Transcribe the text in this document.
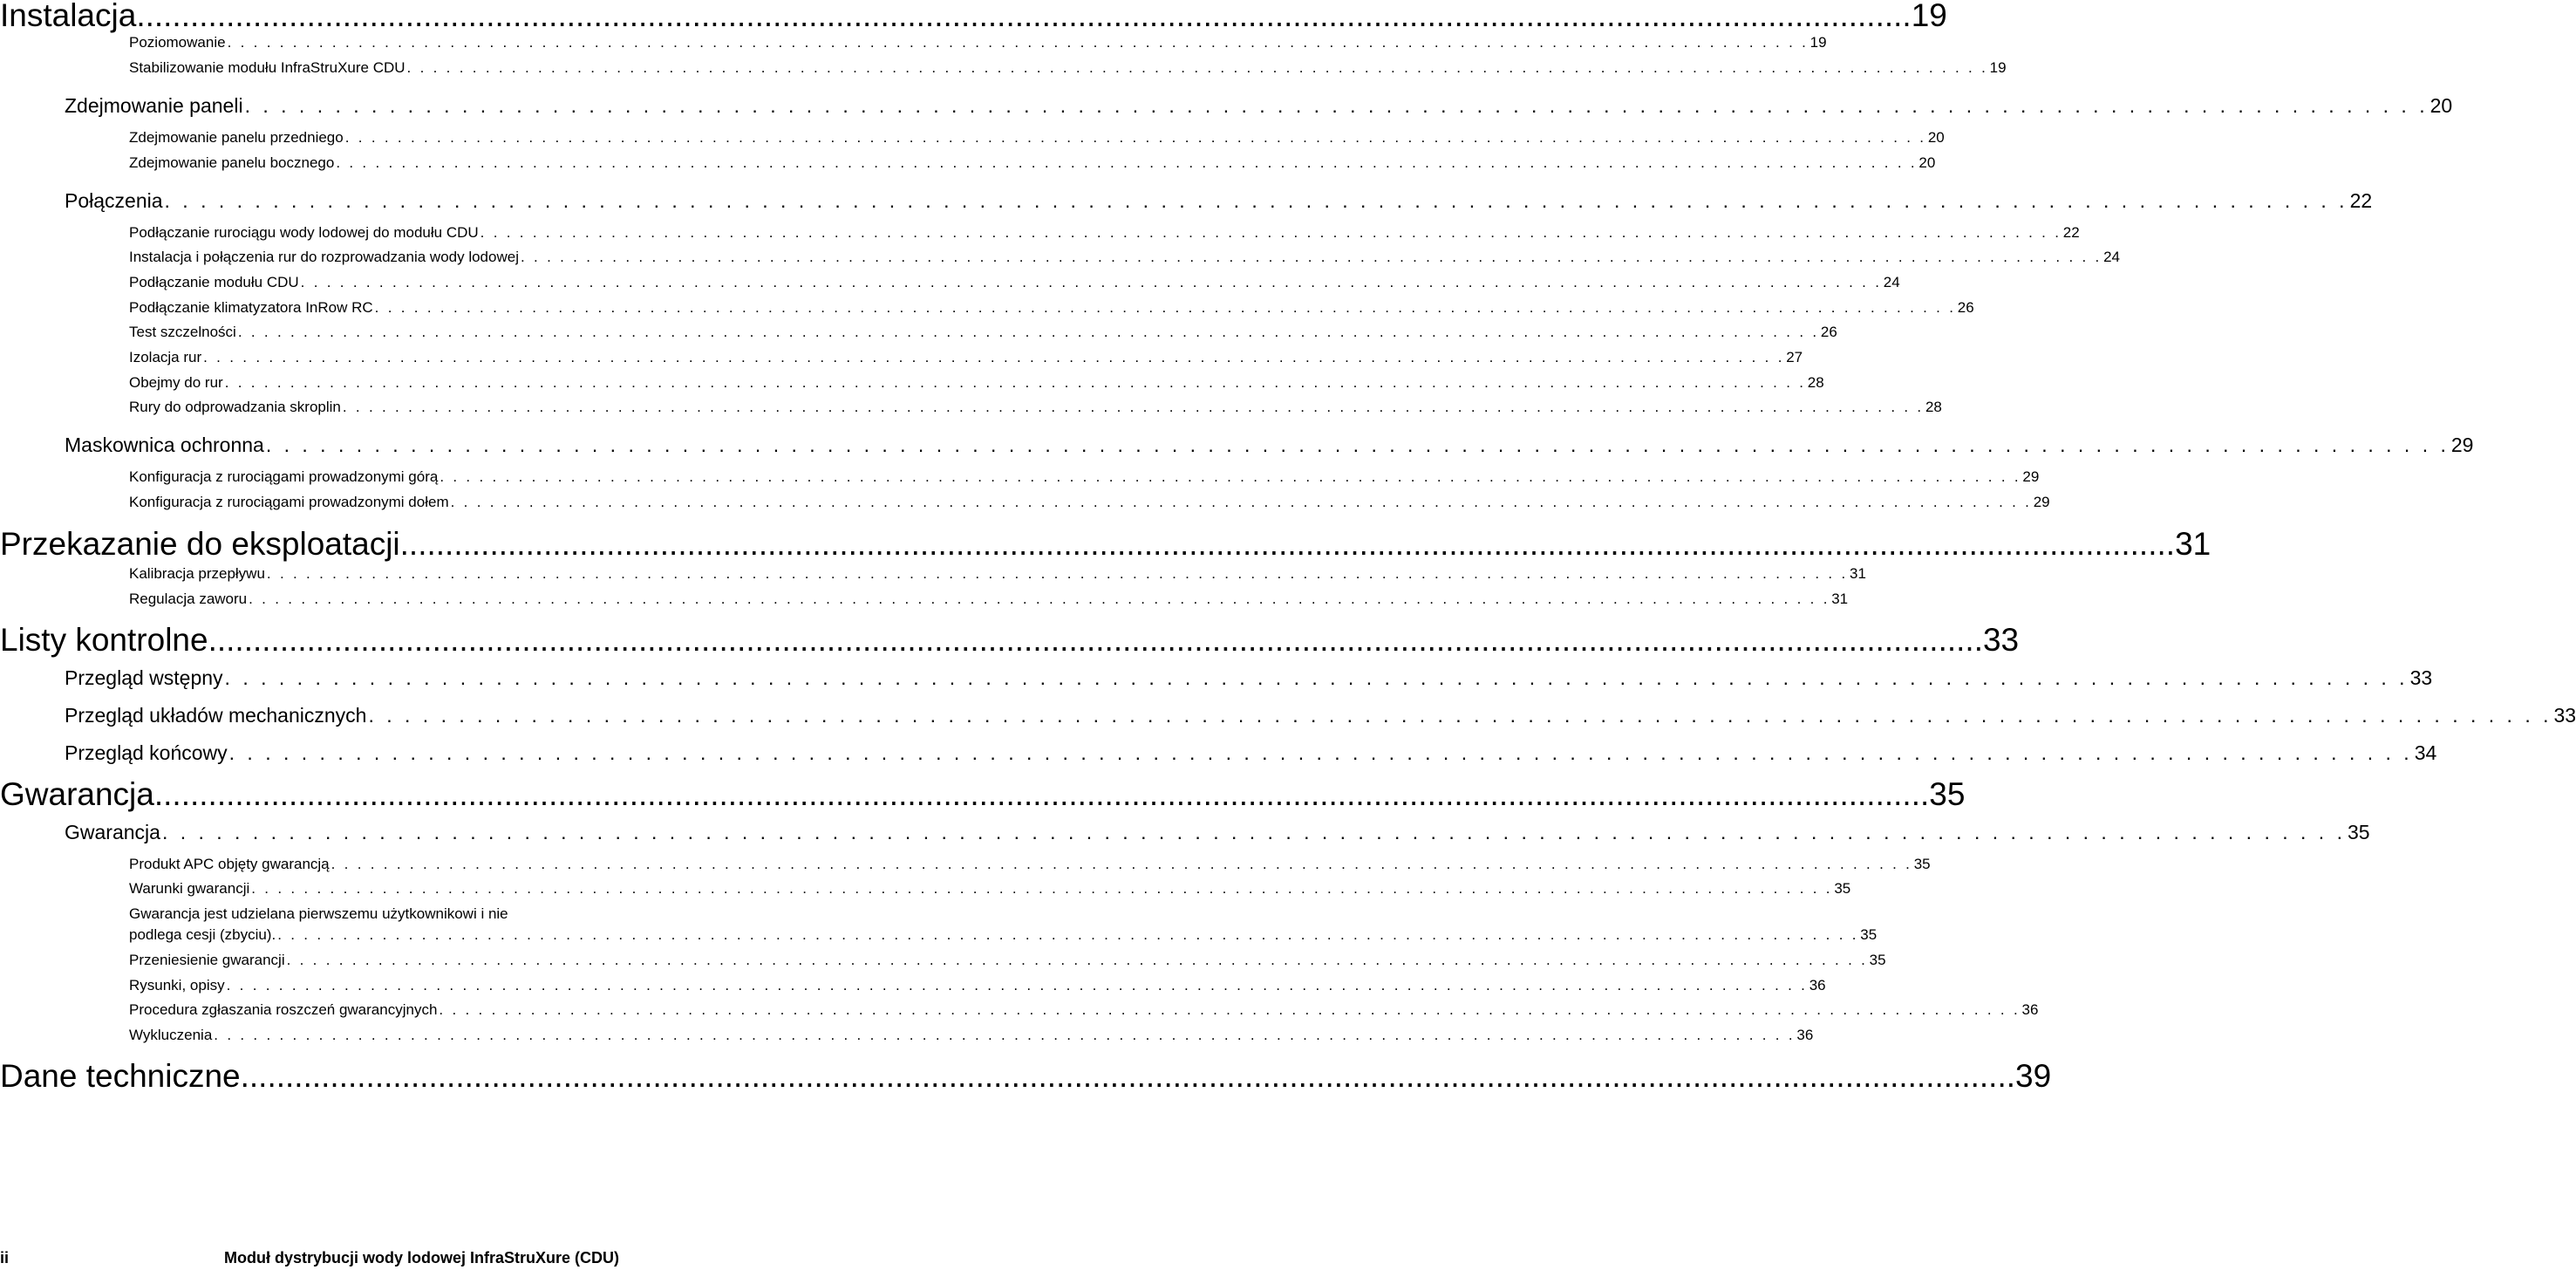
Instalacja ...................................................................................................................................................................................................... 19
Poziomowanie . . . . . . . . . . . . . . . . . . . . . . . . . . . . . . . . . . . . . . . . . . . . . . . . . . . . . . . . . . . . . . . . . . . . . . . . . . . . . . . . . . . . . . . . . . . . . . . . . . . . . . . . . . . . . . . . . . . . . . . . . 19
Stabilizowanie modułu InfraStruXure CDU . . . . . . . . . . . . . . . . . . . . . . . . . . . . . . . . . . . . . . . . . . . . . . . . . . . . . . . . . . . . . . . . . . . . . . . . . . . . . . . . . . . . . . . . . . . . . . . . . . . . . . . . . . . . . . . . . . . . . . . . . 19
Zdejmowanie paneli . . . . . . . . . . . . . . . . . . . . . . . . . . . . . . . . . . . . . . . . . . . . . . . . . . . . . . . . . . . . . . . . . . . . . . . . . . . . . . . . . . . . . . . . . . . . . . . . . . . . . . . . . . . . . . . . . . . . . . . . . 20
Zdejmowanie panelu przedniego . . . . . . . . . . . . . . . . . . . . . . . . . . . . . . . . . . . . . . . . . . . . . . . . . . . . . . . . . . . . . . . . . . . . . . . . . . . . . . . . . . . . . . . . . . . . . . . . . . . . . . . . . . . . . . . . . . . . . . . . . 20
Zdejmowanie panelu bocznego . . . . . . . . . . . . . . . . . . . . . . . . . . . . . . . . . . . . . . . . . . . . . . . . . . . . . . . . . . . . . . . . . . . . . . . . . . . . . . . . . . . . . . . . . . . . . . . . . . . . . . . . . . . . . . . . . . . . . . . . . 20
Połączenia . . . . . . . . . . . . . . . . . . . . . . . . . . . . . . . . . . . . . . . . . . . . . . . . . . . . . . . . . . . . . . . . . . . . . . . . . . . . . . . . . . . . . . . . . . . . . . . . . . . . . . . . . . . . . . . . . . . . . . . . . 22
Podłączanie rurociągu wody lodowej do modułu CDU . . . . . . . . . . . . . . . . . . . . . . . . . . . . . . . . . . . . . . . . . . . . . . . . . . . . . . . . . . . . . . . . . . . . . . . . . . . . . . . . . . . . . . . . . . . . . . . . . . . . . . . . . . . . . . . . . . . . . . . . . 22
Instalacja i połączenia rur do rozprowadzania wody lodowej . . . . . . . . . . . . . . . . . . . . . . . . . . . . . . . . . . . . . . . . . . . . . . . . . . . . . . . . . . . . . . . . . . . . . . . . . . . . . . . . . . . . . . . . . . . . . . . . . . . . . . . . . . . . . . . . . . . . . . . . . 24
Podłączanie modułu CDU . . . . . . . . . . . . . . . . . . . . . . . . . . . . . . . . . . . . . . . . . . . . . . . . . . . . . . . . . . . . . . . . . . . . . . . . . . . . . . . . . . . . . . . . . . . . . . . . . . . . . . . . . . . . . . . . . . . . . . . . . 24
Podłączanie klimatyzatora InRow RC . . . . . . . . . . . . . . . . . . . . . . . . . . . . . . . . . . . . . . . . . . . . . . . . . . . . . . . . . . . . . . . . . . . . . . . . . . . . . . . . . . . . . . . . . . . . . . . . . . . . . . . . . . . . . . . . . . . . . . . . . 26
Test szczelności . . . . . . . . . . . . . . . . . . . . . . . . . . . . . . . . . . . . . . . . . . . . . . . . . . . . . . . . . . . . . . . . . . . . . . . . . . . . . . . . . . . . . . . . . . . . . . . . . . . . . . . . . . . . . . . . . . . . . . . . . 26
Izolacja rur . . . . . . . . . . . . . . . . . . . . . . . . . . . . . . . . . . . . . . . . . . . . . . . . . . . . . . . . . . . . . . . . . . . . . . . . . . . . . . . . . . . . . . . . . . . . . . . . . . . . . . . . . . . . . . . . . . . . . . . . . 27
Obejmy do rur . . . . . . . . . . . . . . . . . . . . . . . . . . . . . . . . . . . . . . . . . . . . . . . . . . . . . . . . . . . . . . . . . . . . . . . . . . . . . . . . . . . . . . . . . . . . . . . . . . . . . . . . . . . . . . . . . . . . . . . . . 28
Rury do odprowadzania skroplin . . . . . . . . . . . . . . . . . . . . . . . . . . . . . . . . . . . . . . . . . . . . . . . . . . . . . . . . . . . . . . . . . . . . . . . . . . . . . . . . . . . . . . . . . . . . . . . . . . . . . . . . . . . . . . . . . . . . . . . . . 28
Maskownica ochronna . . . . . . . . . . . . . . . . . . . . . . . . . . . . . . . . . . . . . . . . . . . . . . . . . . . . . . . . . . . . . . . . . . . . . . . . . . . . . . . . . . . . . . . . . . . . . . . . . . . . . . . . . . . . . . . . . . . . . . . . . 29
Konfiguracja z rurociągami prowadzonymi górą . . . . . . . . . . . . . . . . . . . . . . . . . . . . . . . . . . . . . . . . . . . . . . . . . . . . . . . . . . . . . . . . . . . . . . . . . . . . . . . . . . . . . . . . . . . . . . . . . . . . . . . . . . . . . . . . . . . . . . . . . 29
Konfiguracja z rurociągami prowadzonymi dołem . . . . . . . . . . . . . . . . . . . . . . . . . . . . . . . . . . . . . . . . . . . . . . . . . . . . . . . . . . . . . . . . . . . . . . . . . . . . . . . . . . . . . . . . . . . . . . . . . . . . . . . . . . . . . . . . . . . . . . . . . 29
Przekazanie do eksploatacji ...................................................................................................................................................................................................... 31
Kalibracja przepływu . . . . . . . . . . . . . . . . . . . . . . . . . . . . . . . . . . . . . . . . . . . . . . . . . . . . . . . . . . . . . . . . . . . . . . . . . . . . . . . . . . . . . . . . . . . . . . . . . . . . . . . . . . . . . . . . . . . . . . . . . 31
Regulacja zaworu . . . . . . . . . . . . . . . . . . . . . . . . . . . . . . . . . . . . . . . . . . . . . . . . . . . . . . . . . . . . . . . . . . . . . . . . . . . . . . . . . . . . . . . . . . . . . . . . . . . . . . . . . . . . . . . . . . . . . . . . . 31
Listy kontrolne ...................................................................................................................................................................................................... 33
Przegląd wstępny . . . . . . . . . . . . . . . . . . . . . . . . . . . . . . . . . . . . . . . . . . . . . . . . . . . . . . . . . . . . . . . . . . . . . . . . . . . . . . . . . . . . . . . . . . . . . . . . . . . . . . . . . . . . . . . . . . . . . . . . . 33
Przegląd układów mechanicznych . . . . . . . . . . . . . . . . . . . . . . . . . . . . . . . . . . . . . . . . . . . . . . . . . . . . . . . . . . . . . . . . . . . . . . . . . . . . . . . . . . . . . . . . . . . . . . . . . . . . . . . . . . . . . . . . . . . . . . . . . 33
Przegląd końcowy . . . . . . . . . . . . . . . . . . . . . . . . . . . . . . . . . . . . . . . . . . . . . . . . . . . . . . . . . . . . . . . . . . . . . . . . . . . . . . . . . . . . . . . . . . . . . . . . . . . . . . . . . . . . . . . . . . . . . . . . . 34
Gwarancja ...................................................................................................................................................................................................... 35
Gwarancja . . . . . . . . . . . . . . . . . . . . . . . . . . . . . . . . . . . . . . . . . . . . . . . . . . . . . . . . . . . . . . . . . . . . . . . . . . . . . . . . . . . . . . . . . . . . . . . . . . . . . . . . . . . . . . . . . . . . . . . . . 35
Produkt APC objęty gwarancją . . . . . . . . . . . . . . . . . . . . . . . . . . . . . . . . . . . . . . . . . . . . . . . . . . . . . . . . . . . . . . . . . . . . . . . . . . . . . . . . . . . . . . . . . . . . . . . . . . . . . . . . . . . . . . . . . . . . . . . . . 35
Warunki gwarancji . . . . . . . . . . . . . . . . . . . . . . . . . . . . . . . . . . . . . . . . . . . . . . . . . . . . . . . . . . . . . . . . . . . . . . . . . . . . . . . . . . . . . . . . . . . . . . . . . . . . . . . . . . . . . . . . . . . . . . . . . 35
Gwarancja jest udzielana pierwszemu użytkownikowi i nie
podlega cesji (zbyciu). . . . . . . . . . . . . . . . . . . . . . . . . . . . . . . . . . . . . . . . . . . . . . . . . . . . . . . . . . . . . . . . . . . . . . . . . . . . . . . . . . . . . . . . . . . . . . . . . . . . . . . . . . . . . . . . . . . . . . . . . . 35
Przeniesienie gwarancji . . . . . . . . . . . . . . . . . . . . . . . . . . . . . . . . . . . . . . . . . . . . . . . . . . . . . . . . . . . . . . . . . . . . . . . . . . . . . . . . . . . . . . . . . . . . . . . . . . . . . . . . . . . . . . . . . . . . . . . . . 35
Rysunki, opisy . . . . . . . . . . . . . . . . . . . . . . . . . . . . . . . . . . . . . . . . . . . . . . . . . . . . . . . . . . . . . . . . . . . . . . . . . . . . . . . . . . . . . . . . . . . . . . . . . . . . . . . . . . . . . . . . . . . . . . . . . 36
Procedura zgłaszania roszczeń gwarancyjnych . . . . . . . . . . . . . . . . . . . . . . . . . . . . . . . . . . . . . . . . . . . . . . . . . . . . . . . . . . . . . . . . . . . . . . . . . . . . . . . . . . . . . . . . . . . . . . . . . . . . . . . . . . . . . . . . . . . . . . . . . 36
Wykluczenia . . . . . . . . . . . . . . . . . . . . . . . . . . . . . . . . . . . . . . . . . . . . . . . . . . . . . . . . . . . . . . . . . . . . . . . . . . . . . . . . . . . . . . . . . . . . . . . . . . . . . . . . . . . . . . . . . . . . . . . . . 36
Dane techniczne ...................................................................................................................................................................................................... 39
ii	Moduł dystrybucji wody lodowej InfraStruXure (CDU)
